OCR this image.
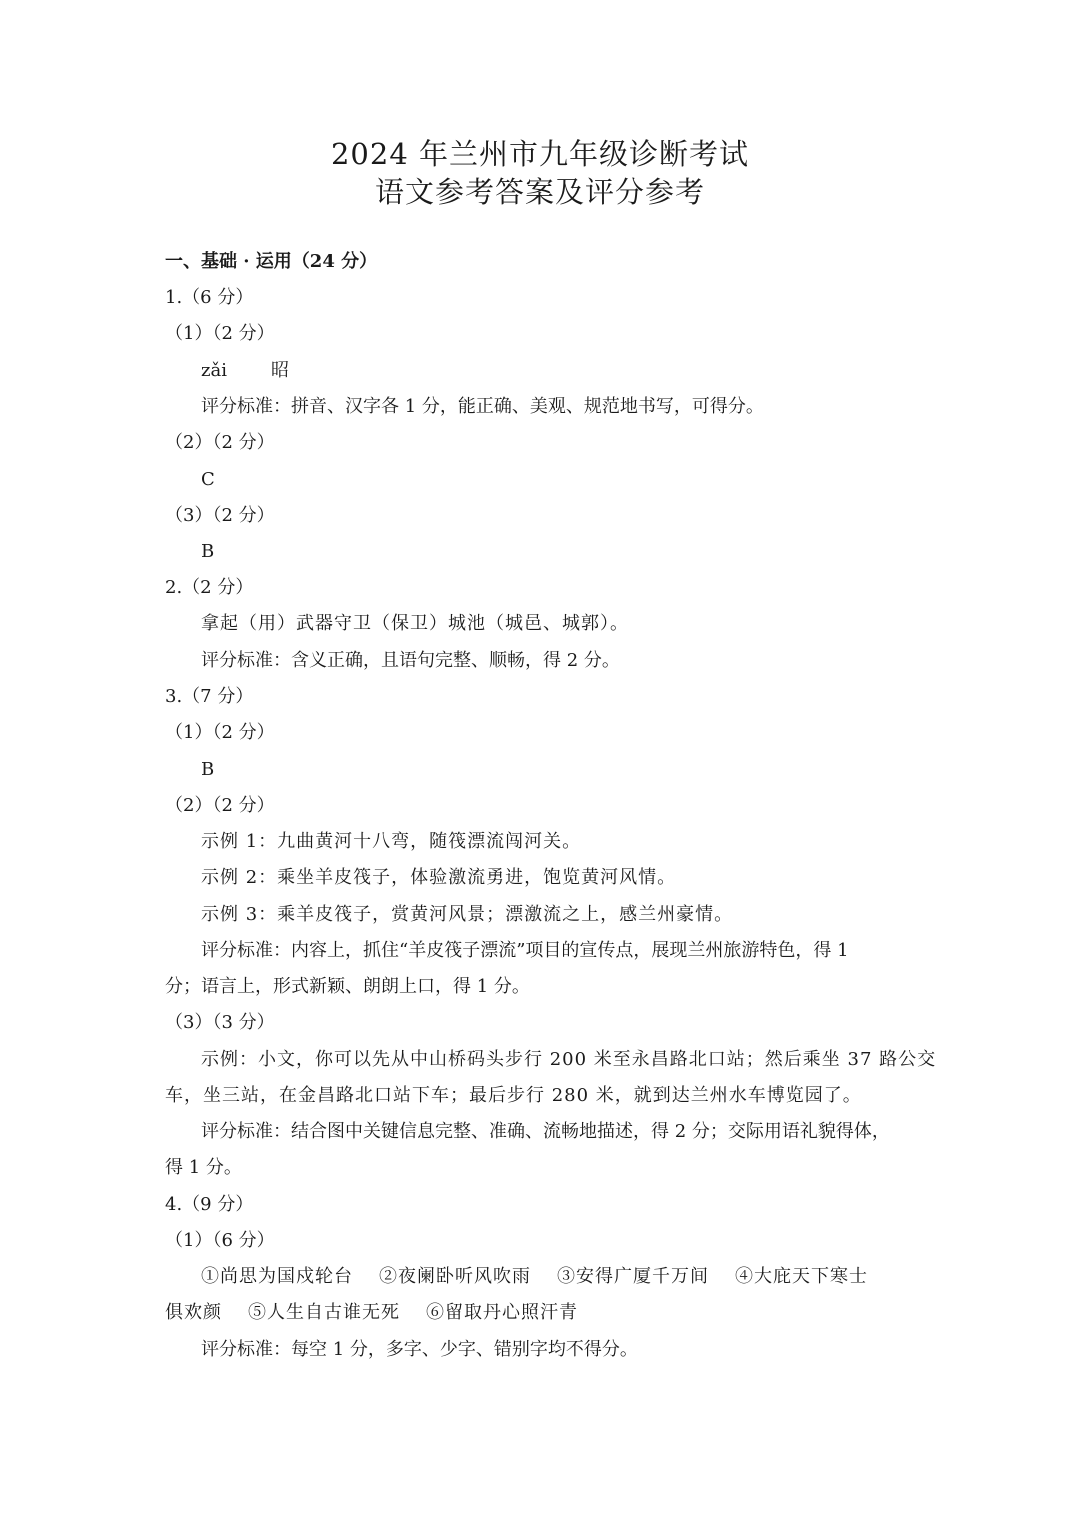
2024 年兰州市九年级诊断考试
语文参考答案及评分参考
一、基础 · 运用（24 分）
1.（6 分）
（1）（2 分）
zǎi 昭
评分标准：拼音、汉字各 1 分，能正确、美观、规范地书写，可得分。
（2）（2 分）
C
（3）（2 分）
B
2.（2 分）
拿起（用）武器守卫（保卫）城池（城邑、城郭）。
评分标准：含义正确，且语句完整、顺畅，得 2 分。
3.（7 分）
（1）（2 分）
B
（2）（2 分）
示例 1：九曲黄河十八弯，随筏漂流闯河关。
示例 2：乘坐羊皮筏子，体验激流勇进，饱览黄河风情。
示例 3：乘羊皮筏子，赏黄河风景；漂激流之上，感兰州豪情。
评分标准：内容上，抓住“羊皮筏子漂流”项目的宣传点，展现兰州旅游特色，得 1
分；语言上，形式新颖、朗朗上口，得 1 分。
（3）（3 分）
示例：小文，你可以先从中山桥码头步行 200 米至永昌路北口站；然后乘坐 37 路公交
车，坐三站，在金昌路北口站下车；最后步行 280 米，就到达兰州水车博览园了。
评分标准：结合图中关键信息完整、准确、流畅地描述，得 2 分；交际用语礼貌得体，
得 1 分。
4.（9 分）
（1）（6 分）
①尚思为国戍轮台 ②夜阑卧听风吹雨 ③安得广厦千万间 ④大庇天下寒士
俱欢颜 ⑤人生自古谁无死 ⑥留取丹心照汗青
评分标准：每空 1 分，多字、少字、错别字均不得分。
